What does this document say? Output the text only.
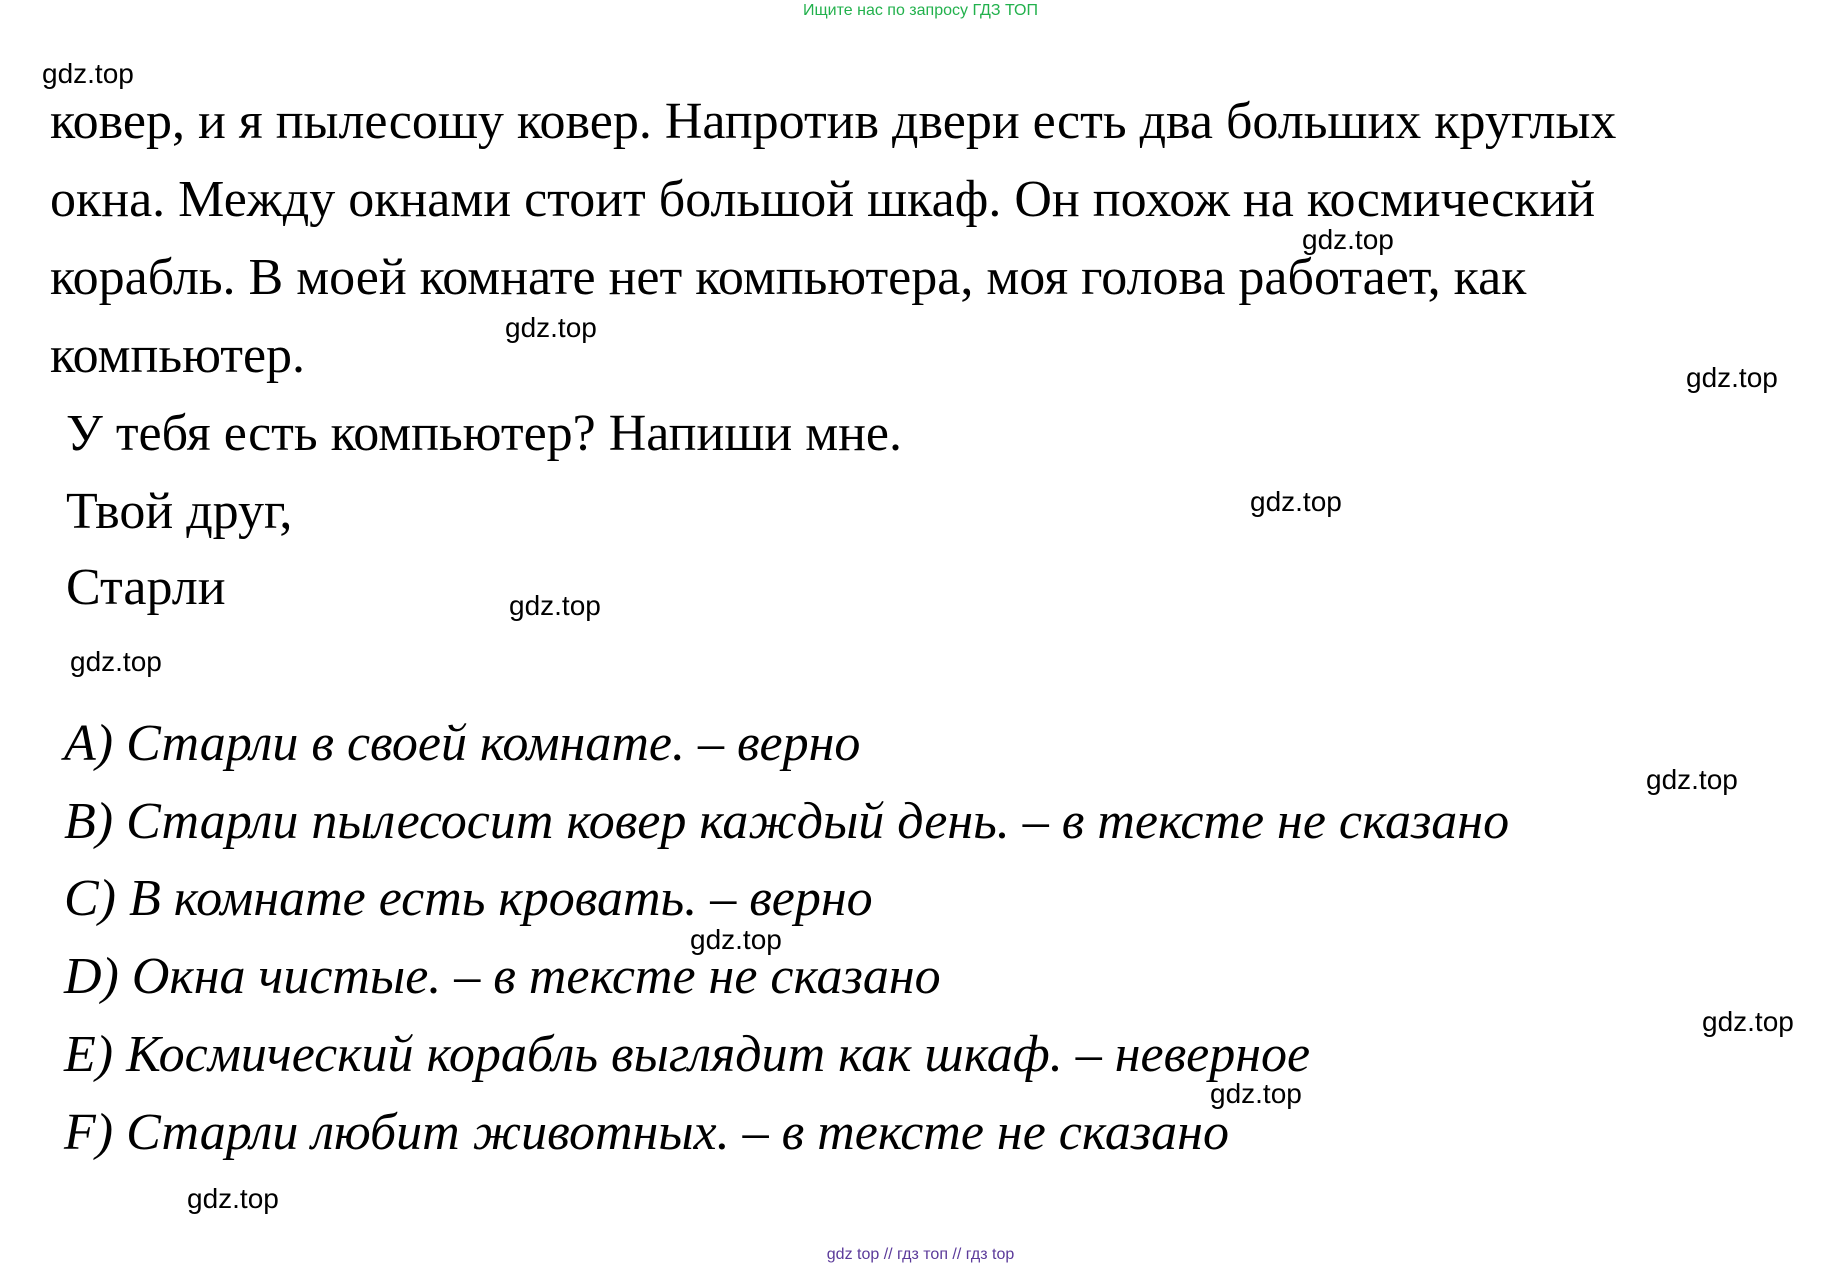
Ищите нас по запросу ГДЗ ТОП
gdz.top
gdz.top
gdz.top
gdz.top
gdz.top
gdz.top
gdz.top
gdz.top
gdz.top
gdz.top
gdz.top
gdz.top
ковер, и я пылесошу ковер. Напротив двери есть два больших круглых
окна. Между окнами стоит большой шкаф. Он похож на космический
корабль. В моей комнате нет компьютера, моя голова работает, как
компьютер.
У тебя есть компьютер? Напиши мне.
Твой друг,
Старли
А) Старли в своей комнате. – верно
B) Старли пылесосит ковер каждый день. – в тексте не сказано
C) В комнате есть кровать. – верно
D) Окна чистые. – в тексте не сказано
E) Космический корабль выглядит как шкаф. – неверное
F) Старли любит животных. – в тексте не сказано
gdz top // гдз топ // гдз top
